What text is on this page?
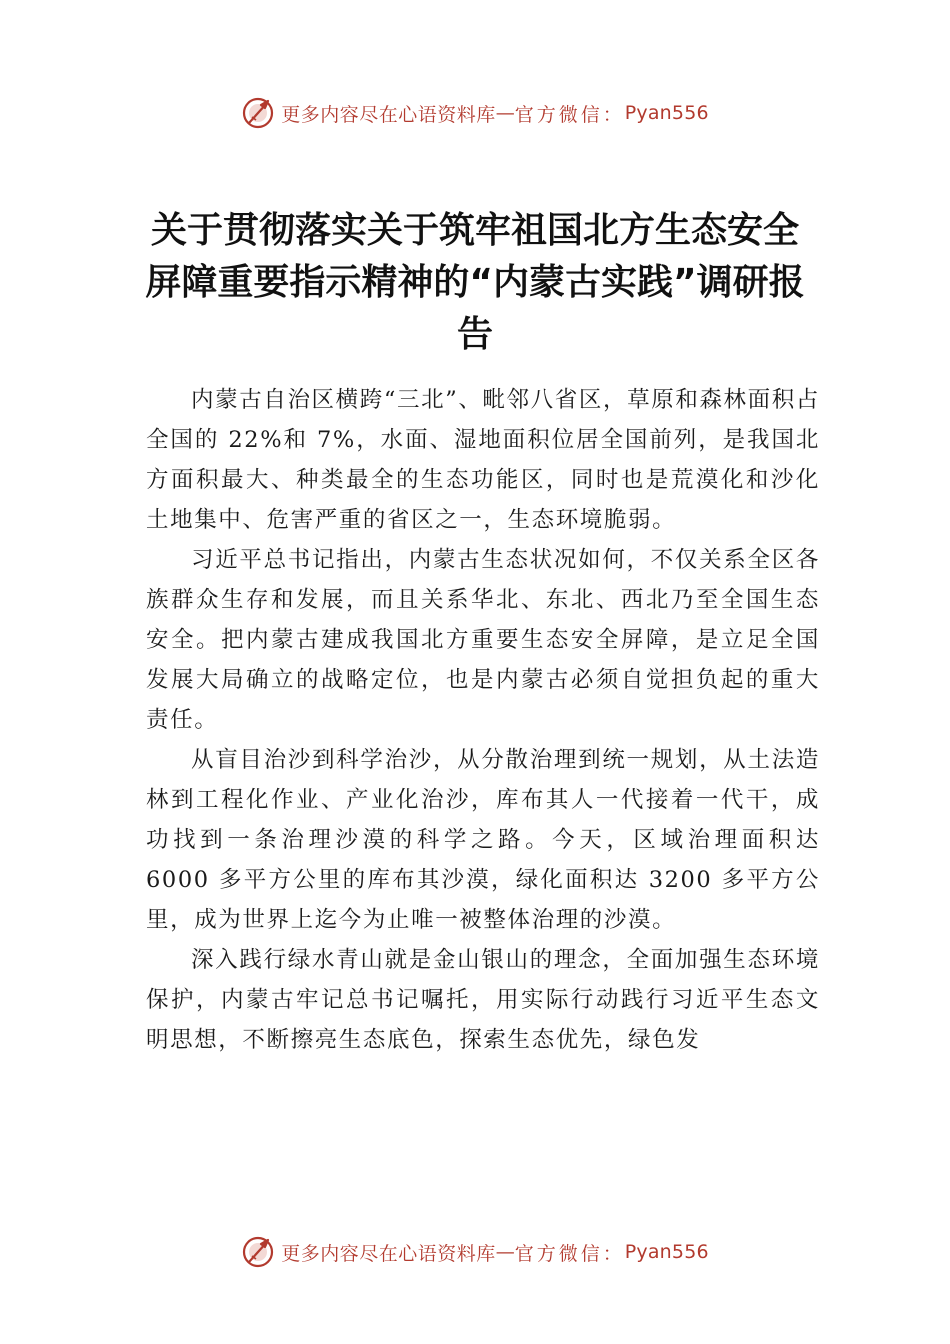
更多内容尽在心语资料库 — 官方微信： Pyan556
关于贯彻落实关于筑牢祖国北方生态安全屏障重要指示精神的“内蒙古实践”调研报告

内蒙古自治区横跨“三北”、毗邻八省区，草原和森林面积占全国的 22%和 7%，水面、湿地面积位居全国前列，是我国北方面积最大、种类最全的生态功能区，同时也是荒漠化和沙化土地集中、危害严重的省区之一，生态环境脆弱。

习近平总书记指出，内蒙古生态状况如何，不仅关系全区各族群众生存和发展，而且关系华北、东北、西北乃至全国生态安全。把内蒙古建成我国北方重要生态安全屏障，是立足全国发展大局确立的战略定位，也是内蒙古必须自觉担负起的重大责任。

从盲目治沙到科学治沙，从分散治理到统一规划，从土法造林到工程化作业、产业化治沙，库布其人一代接着一代干，成功找到一条治理沙漠的科学之路。今天，区域治理面积达 6000 多平方公里的库布其沙漠，绿化面积达 3200 多平方公里，成为世界上迄今为止唯一被整体治理的沙漠。

深入践行绿水青山就是金山银山的理念，全面加强生态环境保护，内蒙古牢记总书记嘱托，用实际行动践行习近平生态文明思想，不断擦亮生态底色，探索生态优先，绿色发

更多内容尽在心语资料库 — 官方微信： Pyan556
